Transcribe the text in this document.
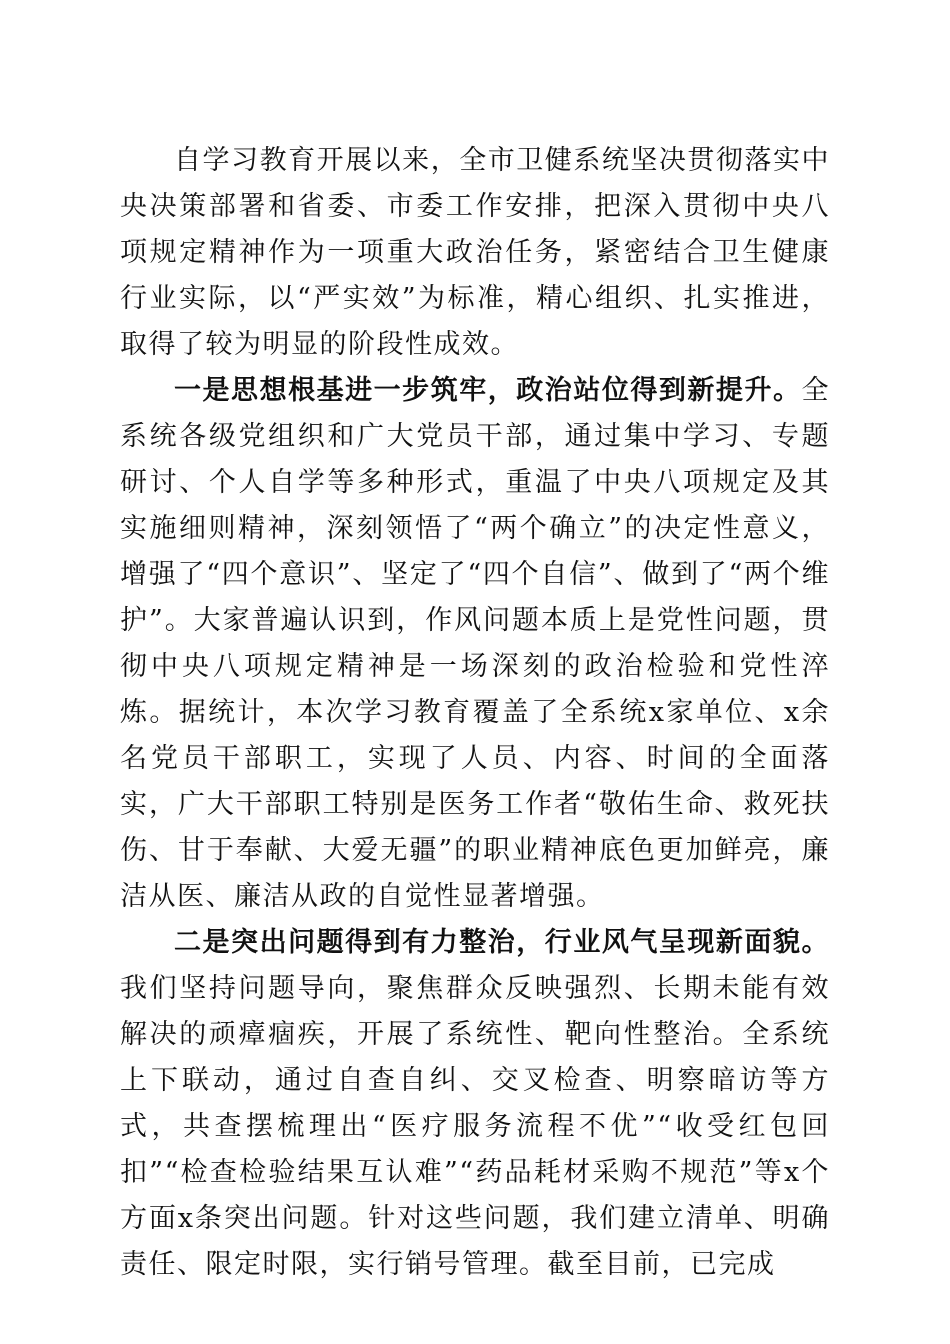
自学习教育开展以来，全市卫健系统坚决贯彻落实中央决策部署和省委、市委工作安排，把深入贯彻中央八项规定精神作为一项重大政治任务，紧密结合卫生健康行业实际，以“严实效”为标准，精心组织、扎实推进，取得了较为明显的阶段性成效。

一是思想根基进一步筑牢，政治站位得到新提升。全系统各级党组织和广大党员干部，通过集中学习、专题研讨、个人自学等多种形式，重温了中央八项规定及其实施细则精神，深刻领悟了“两个确立”的决定性意义，增强了“四个意识”、坚定了“四个自信”、做到了“两个维护”。大家普遍认识到，作风问题本质上是党性问题，贯彻中央八项规定精神是一场深刻的政治检验和党性淬炼。据统计，本次学习教育覆盖了全系统x家单位、x余名党员干部职工，实现了人员、内容、时间的全面落实，广大干部职工特别是医务工作者“敬佑生命、救死扶伤、甘于奉献、大爱无疆”的职业精神底色更加鲜亮，廉洁从医、廉洁从政的自觉性显著增强。

二是突出问题得到有力整治，行业风气呈现新面貌。我们坚持问题导向，聚焦群众反映强烈、长期未能有效解决的顽瘴痼疾，开展了系统性、靶向性整治。全系统上下联动，通过自查自纠、交叉检查、明察暗访等方式，共查摆梳理出“医疗服务流程不优”“收受红包回扣”“检查检验结果互认难”“药品耗材采购不规范”等x个方面x条突出问题。针对这些问题，我们建立清单、明确责任、限定时限，实行销号管理。截至目前，已完成
